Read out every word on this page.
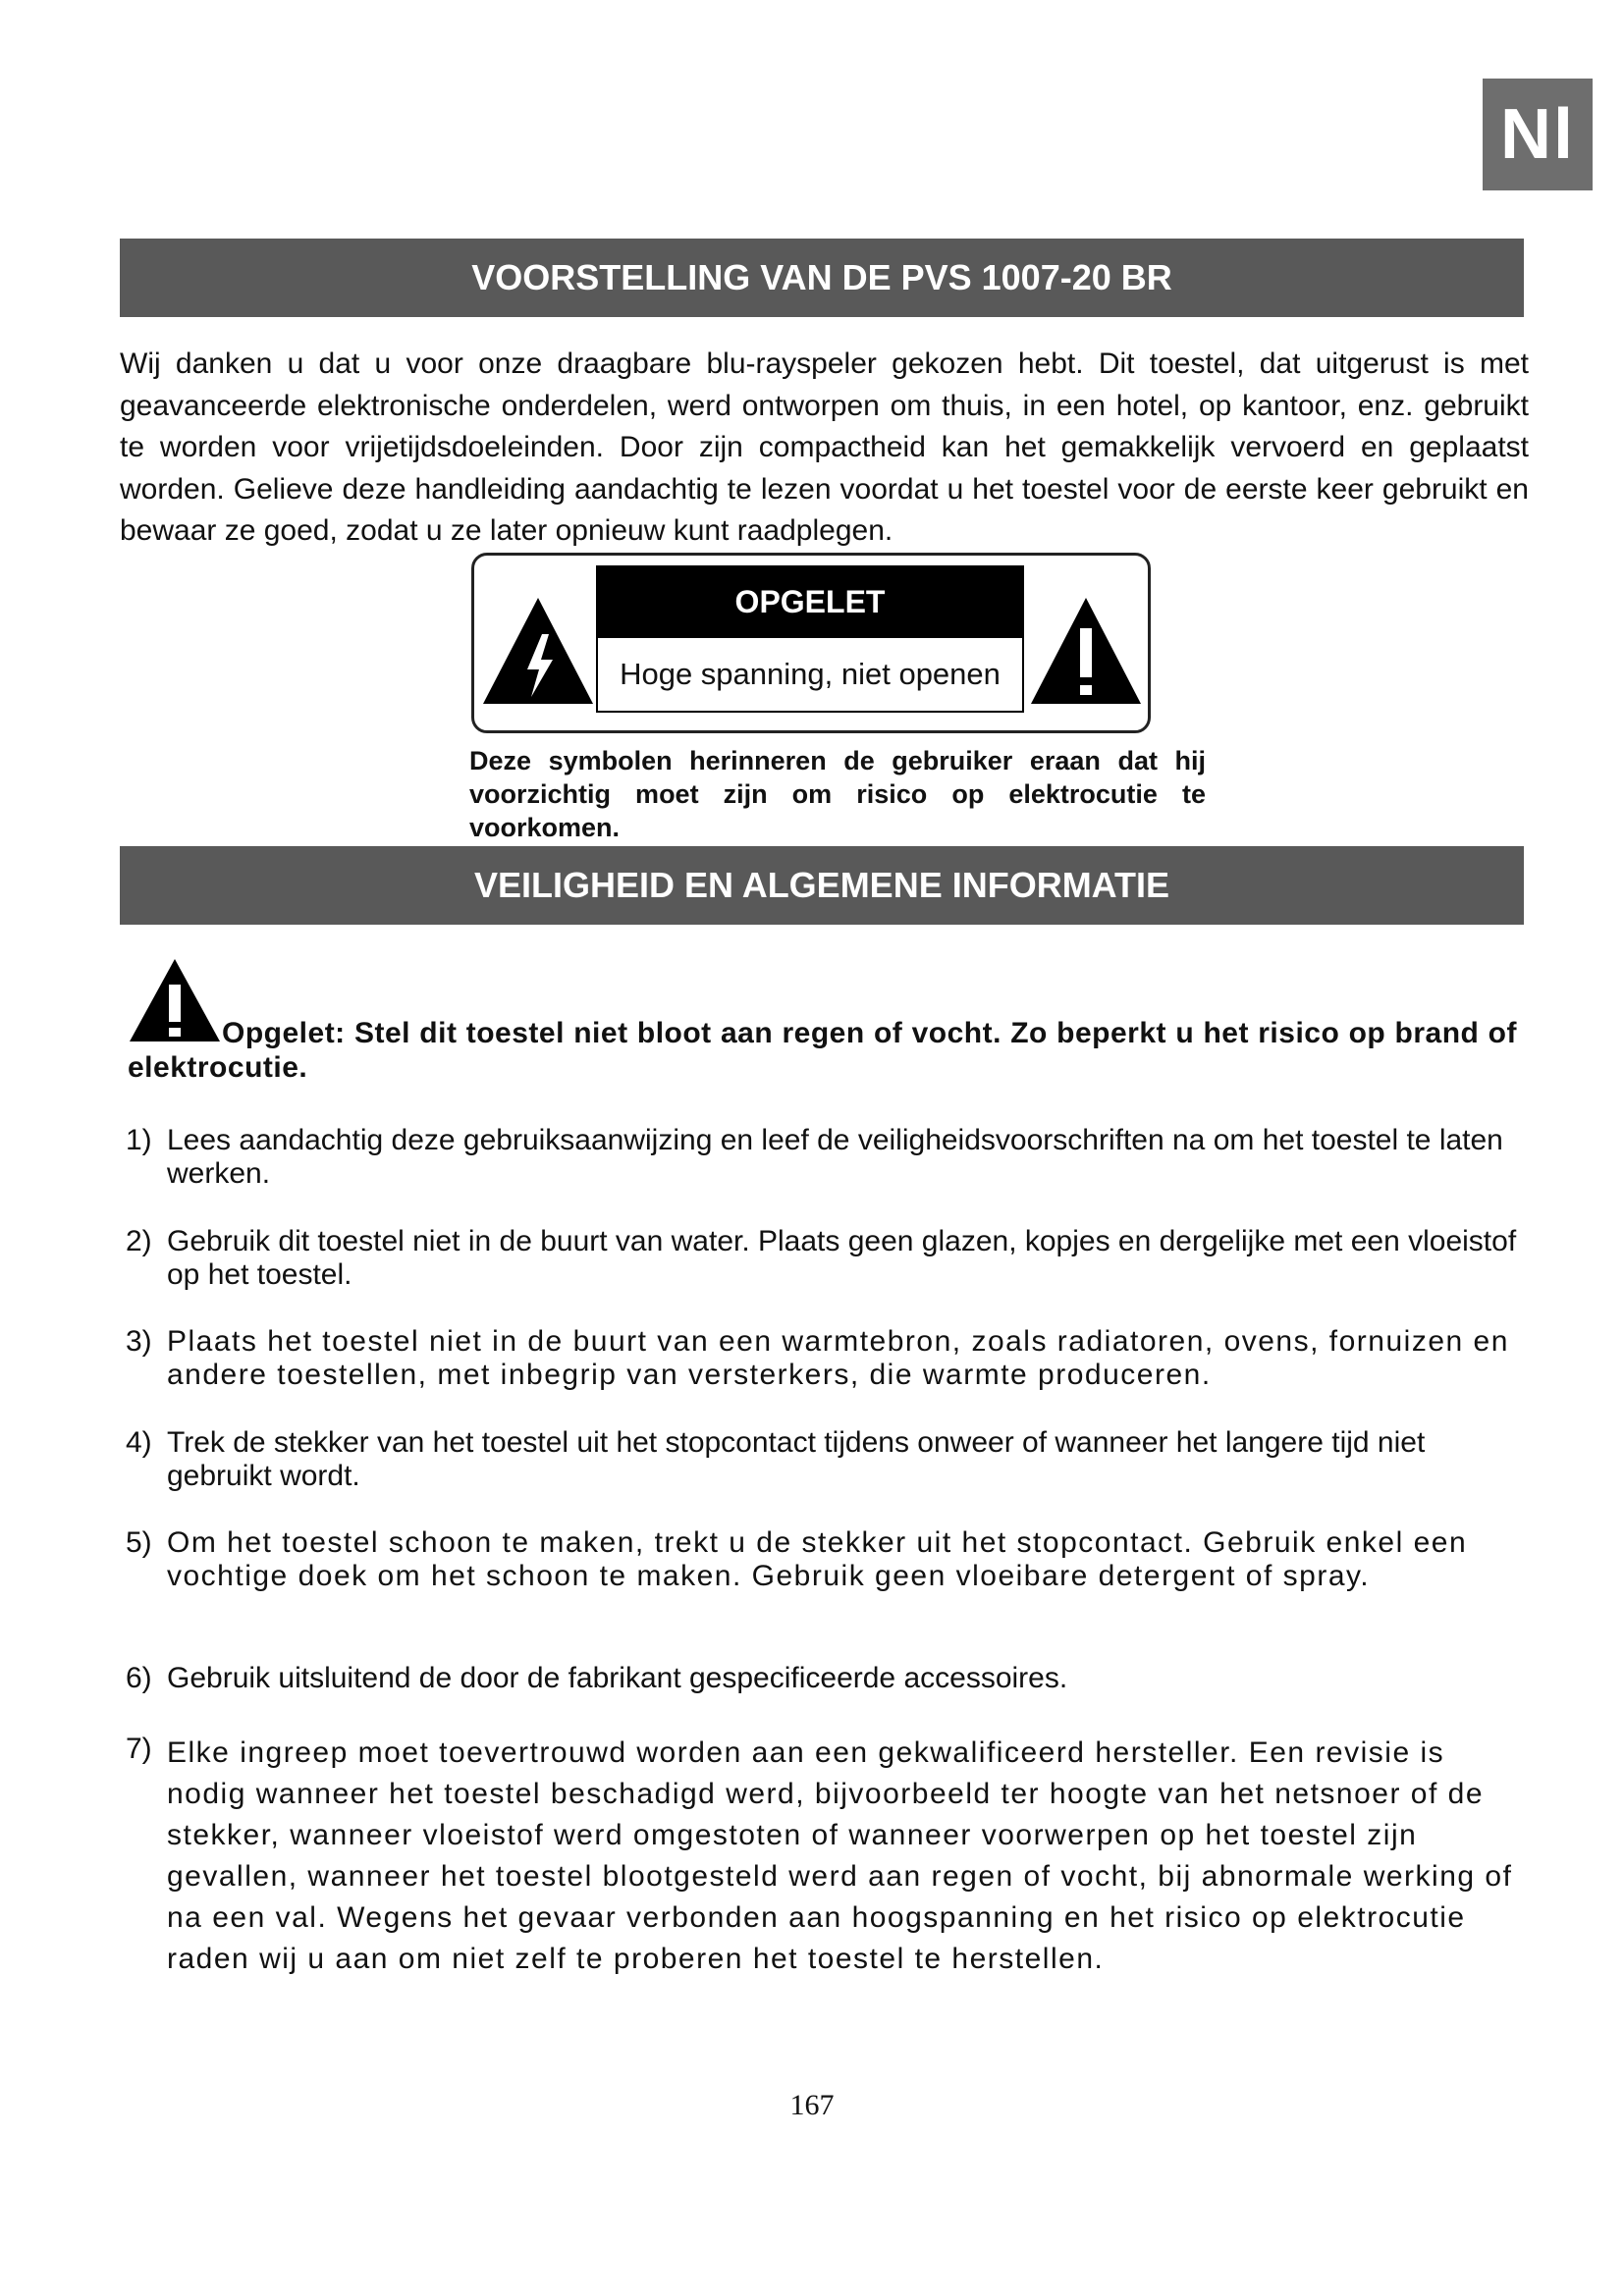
Nl
VOORSTELLING VAN DE PVS 1007-20 BR

Wij danken u dat u voor onze draagbare blu-rayspeler gekozen hebt. Dit toestel, dat uitgerust is met geavanceerde elektronische onderdelen, werd ontworpen om thuis, in een hotel, op kantoor, enz. gebruikt te worden voor vrijetijdsdoeleinden. Door zijn compactheid kan het gemakkelijk vervoerd en geplaatst worden. Gelieve deze handleiding aandachtig te lezen voordat u het toestel voor de eerste keer gebruikt en bewaar ze goed, zodat u ze later opnieuw kunt raadplegen.

OPGELET
Hoge spanning, niet openen

Deze symbolen herinneren de gebruiker eraan dat hij voorzichtig moet zijn om risico op elektrocutie te voorkomen.

VEILIGHEID EN ALGEMENE INFORMATIE

Opgelet: Stel dit toestel niet bloot aan regen of vocht. Zo beperkt u het risico op brand of elektrocutie.

1) Lees aandachtig deze gebruiksaanwijzing en leef de veiligheidsvoorschriften na om het toestel te laten werken.
2) Gebruik dit toestel niet in de buurt van water. Plaats geen glazen, kopjes en dergelijke met een vloeistof op het toestel.
3) Plaats het toestel niet in de buurt van een warmtebron, zoals radiatoren, ovens, fornuizen en andere toestellen, met inbegrip van versterkers, die warmte produceren.
4) Trek de stekker van het toestel uit het stopcontact tijdens onweer of wanneer het langere tijd niet gebruikt wordt.
5) Om het toestel schoon te maken, trekt u de stekker uit het stopcontact. Gebruik enkel een vochtige doek om het schoon te maken. Gebruik geen vloeibare detergent of spray.
6) Gebruik uitsluitend de door de fabrikant gespecificeerde accessoires.
7) Elke ingreep moet toevertrouwd worden aan een gekwalificeerd hersteller. Een revisie is nodig wanneer het toestel beschadigd werd, bijvoorbeeld ter hoogte van het netsnoer of de stekker, wanneer vloeistof werd omgestoten of wanneer voorwerpen op het toestel zijn gevallen, wanneer het toestel blootgesteld werd aan regen of vocht, bij abnormale werking of na een val. Wegens het gevaar verbonden aan hoogspanning en het risico op elektrocutie raden wij u aan om niet zelf te proberen het toestel te herstellen.
167
